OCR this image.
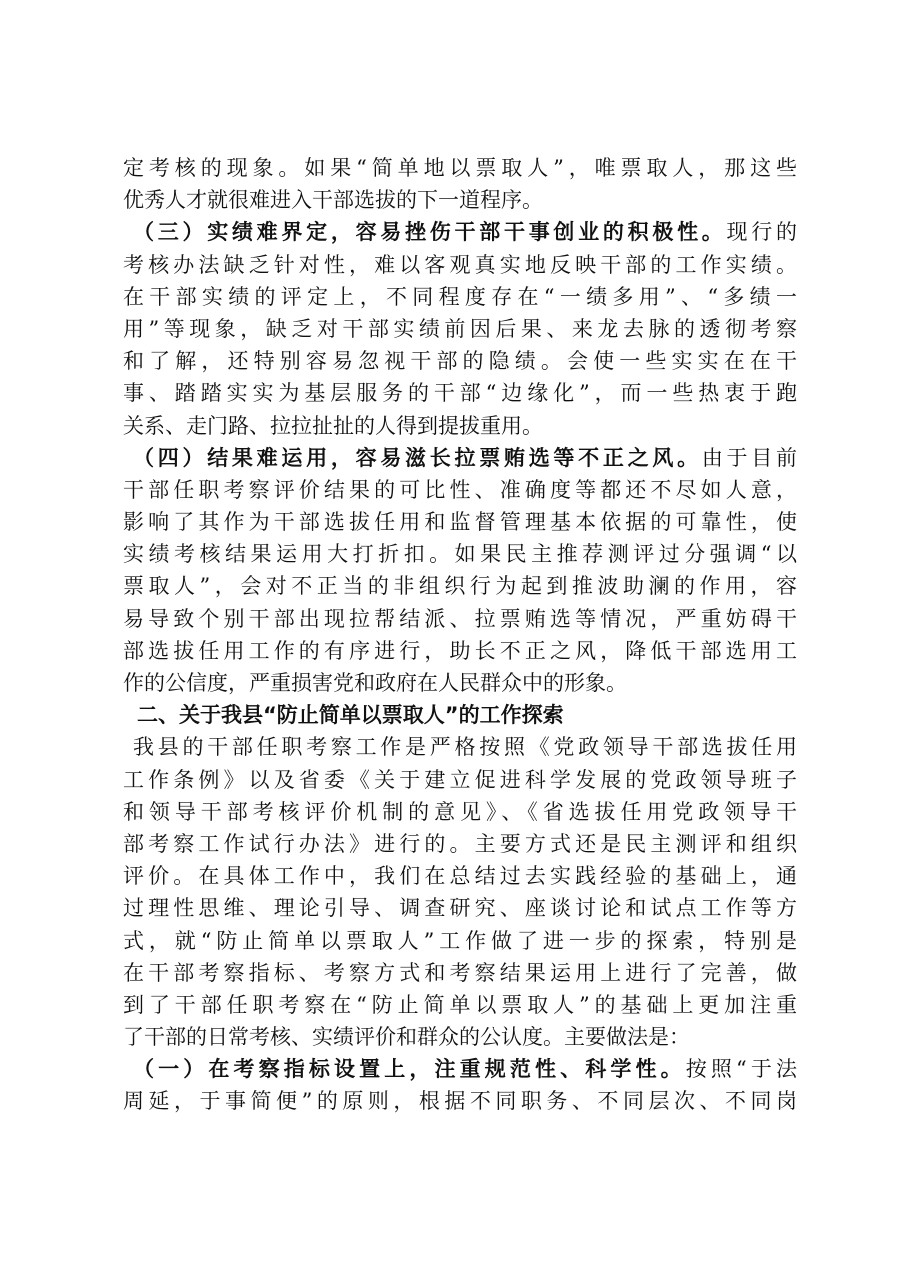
定考核的现象。如果“简单地以票取人”，唯票取人，那这些
优秀人才就很难进入干部选拔的下一道程序。
（三）实绩难界定，容易挫伤干部干事创业的积极性。现行的
考核办法缺乏针对性，难以客观真实地反映干部的工作实绩。
在干部实绩的评定上，不同程度存在“一绩多用”、“多绩一
用”等现象，缺乏对干部实绩前因后果、来龙去脉的透彻考察
和了解，还特别容易忽视干部的隐绩。会使一些实实在在干
事、踏踏实实为基层服务的干部“边缘化”，而一些热衷于跑
关系、走门路、拉拉扯扯的人得到提拔重用。
（四）结果难运用，容易滋长拉票贿选等不正之风。由于目前
干部任职考察评价结果的可比性、准确度等都还不尽如人意，
影响了其作为干部选拔任用和监督管理基本依据的可靠性，使
实绩考核结果运用大打折扣。如果民主推荐测评过分强调“以
票取人”，会对不正当的非组织行为起到推波助澜的作用，容
易导致个别干部出现拉帮结派、拉票贿选等情况，严重妨碍干
部选拔任用工作的有序进行，助长不正之风，降低干部选用工
作的公信度，严重损害党和政府在人民群众中的形象。
二、关于我县“防止简单以票取人”的工作探索
我县的干部任职考察工作是严格按照《党政领导干部选拔任用
工作条例》以及省委《关于建立促进科学发展的党政领导班子
和领导干部考核评价机制的意见》、《省选拔任用党政领导干
部考察工作试行办法》进行的。主要方式还是民主测评和组织
评价。在具体工作中，我们在总结过去实践经验的基础上，通
过理性思维、理论引导、调查研究、座谈讨论和试点工作等方
式，就“防止简单以票取人”工作做了进一步的探索，特别是
在干部考察指标、考察方式和考察结果运用上进行了完善，做
到了干部任职考察在“防止简单以票取人”的基础上更加注重
了干部的日常考核、实绩评价和群众的公认度。主要做法是：
（一）在考察指标设置上，注重规范性、科学性。按照“于法
周延，于事简便”的原则，根据不同职务、不同层次、不同岗
